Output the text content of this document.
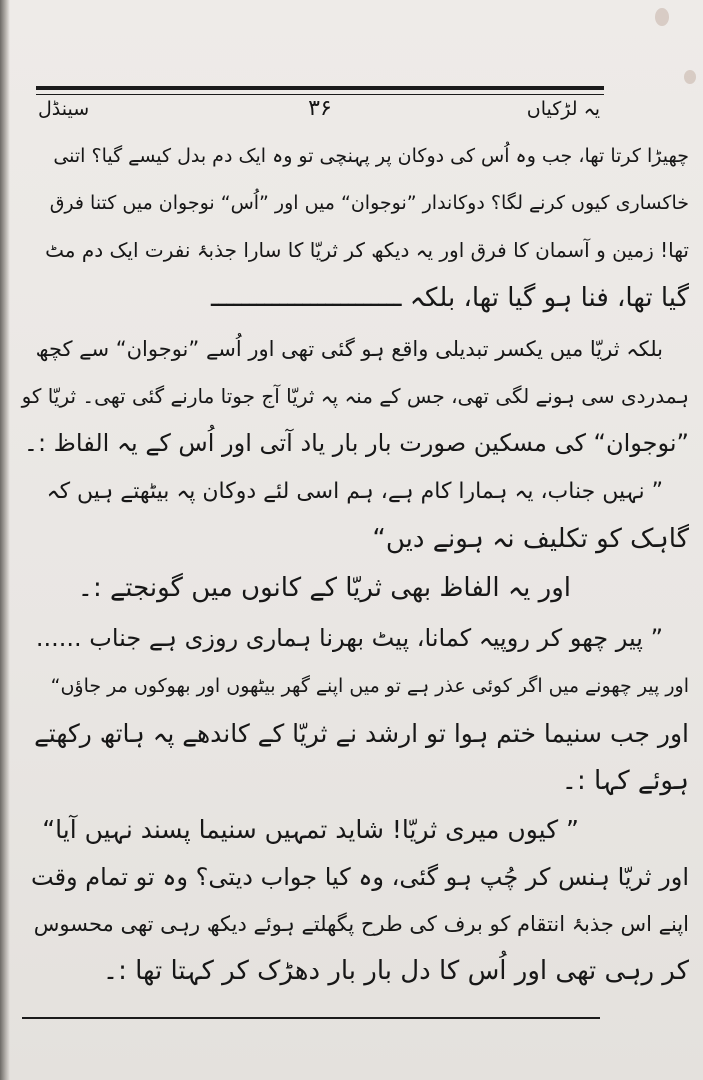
یہ لڑکیاں
۳۶
سینڈل
چھیڑا کرتا تھا، جب وہ اُس کی دوکان پر پہنچی تو وہ ایک دم بدل کیسے گیا؟ اتنی
خاکساری کیوں کرنے لگا؟ دوکاندار ”نوجوان“ میں اور ”اُس“ نوجوان میں کتنا فرق
تھا! زمین و آسمان کا فرق اور یہ دیکھ کر ثریّا کا سارا جذبۂ نفرت ایک دم مٹ
گیا تھا، فنا ہو گیا تھا، بلکہ ـــــــــــــــــــــــــ
بلکہ ثریّا میں یکسر تبدیلی واقع ہو گئی تھی اور اُسے ”نوجوان“ سے کچھ
ہمدردی سی ہونے لگی تھی، جس کے منہ پہ ثریّا آج جوتا مارنے گئی تھی۔ ثریّا کو
”نوجوان“ کی مسکین صورت بار بار یاد آتی اور اُس کے یہ الفاظ :۔
” نہیں جناب، یہ ہمارا کام ہے، ہم اسی لئے دوکان پہ بیٹھتے ہیں کہ
گاہک کو تکلیف نہ ہونے دیں“
اور یہ الفاظ بھی ثریّا کے کانوں میں گونجتے :۔
” پیر چھو کر روپیہ کمانا، پیٹ بھرنا ہماری روزی ہے جناب ......
اور پیر چھونے میں اگر کوئی عذر ہے تو میں اپنے گھر بیٹھوں اور بھوکوں مر جاؤں“
اور جب سنیما ختم ہوا تو ارشد نے ثریّا کے کاندھے پہ ہاتھ رکھتے
ہوئے کہا :۔
” کیوں میری ثریّا! شاید تمہیں سنیما پسند نہیں آیا“
اور ثریّا ہنس کر چُپ ہو گئی، وہ کیا جواب دیتی؟ وہ تو تمام وقت
اپنے اس جذبۂ انتقام کو برف کی طرح پگھلتے ہوئے دیکھ رہی تھی محسوس
کر رہی تھی اور اُس کا دل بار بار دھڑک کر کہتا تھا :۔
